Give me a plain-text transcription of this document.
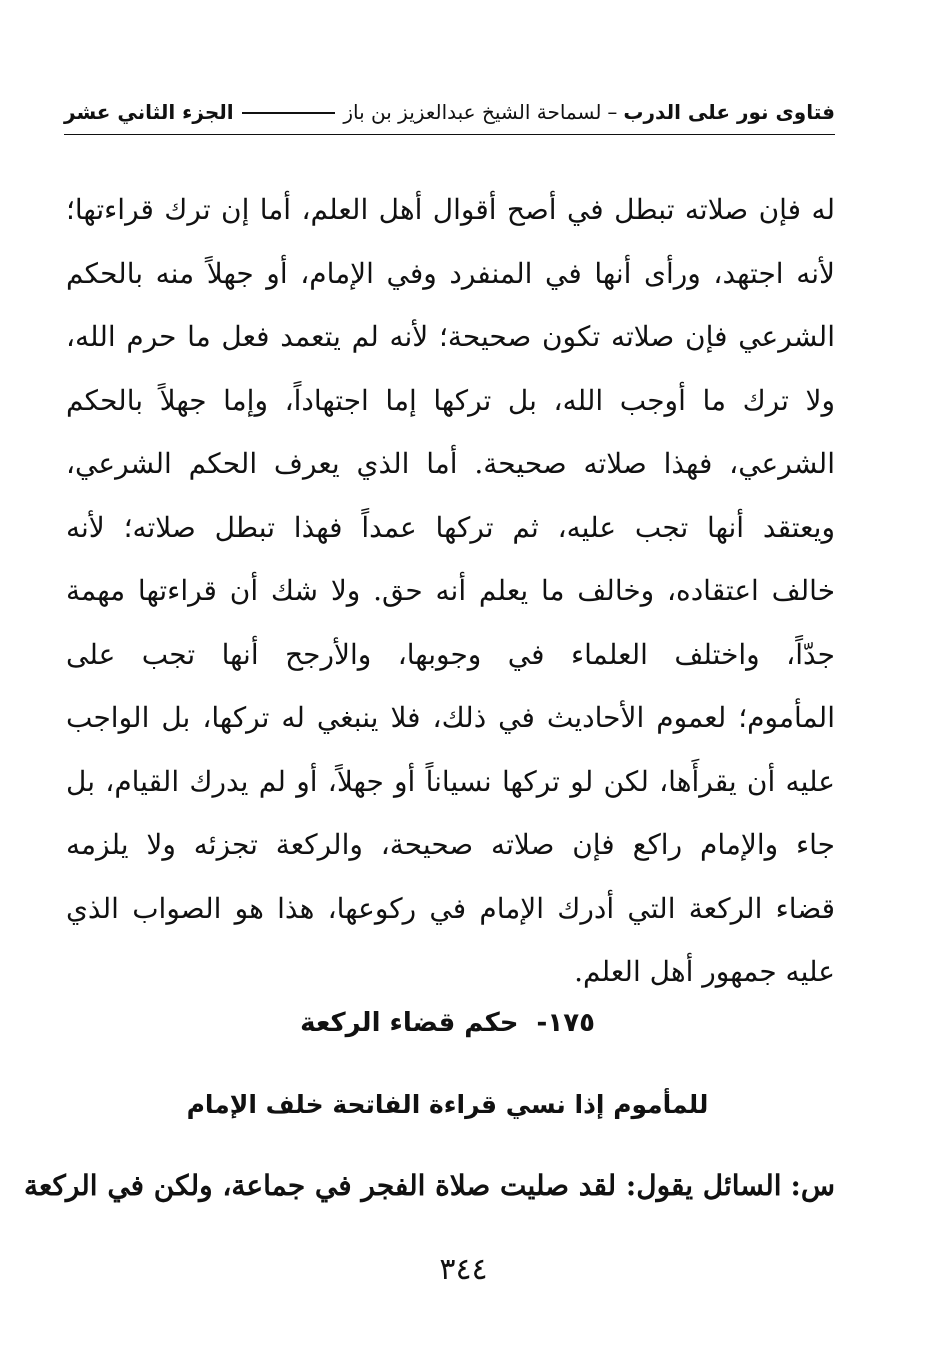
فتاوى نور على الدرب
–
لسماحة الشيخ عبدالعزيز بن باز
الجزء الثاني عشر
له فإن صلاته تبطل في أصح أقوال أهل العلم، أما إن ترك قراءتها؛
لأنه اجتهد، ورأى أنها في المنفرد وفي الإمام، أو جهلاً منه بالحكم
الشرعي فإن صلاته تكون صحيحة؛ لأنه لم يتعمد فعل ما حرم الله،
ولا ترك ما أوجب الله، بل تركها إما اجتهاداً، وإما جهلاً بالحكم
الشرعي، فهذا صلاته صحيحة. أما الذي يعرف الحكم الشرعي،
ويعتقد أنها تجب عليه، ثم تركها عمداً فهذا تبطل صلاته؛ لأنه
خالف اعتقاده، وخالف ما يعلم أنه حق. ولا شك أن قراءتها مهمة
جدّاً، واختلف العلماء في وجوبها، والأرجح أنها تجب على
المأموم؛ لعموم الأحاديث في ذلك، فلا ينبغي له تركها، بل الواجب
عليه أن يقرأَها، لكن لو تركها نسياناً أو جهلاً، أو لم يدرك القيام، بل
جاء والإمام راكع فإن صلاته صحيحة، والركعة تجزئه ولا يلزمه
قضاء الركعة التي أدرك الإمام في ركوعها، هذا هو الصواب الذي
عليه جمهور أهل العلم.
١٧٥-حكم قضاء الركعة
للمأموم إذا نسي قراءة الفاتحة خلف الإمام
س: السائل يقول: لقد صليت صلاة الفجر في جماعة، ولكن في الركعة
٣٤٤
